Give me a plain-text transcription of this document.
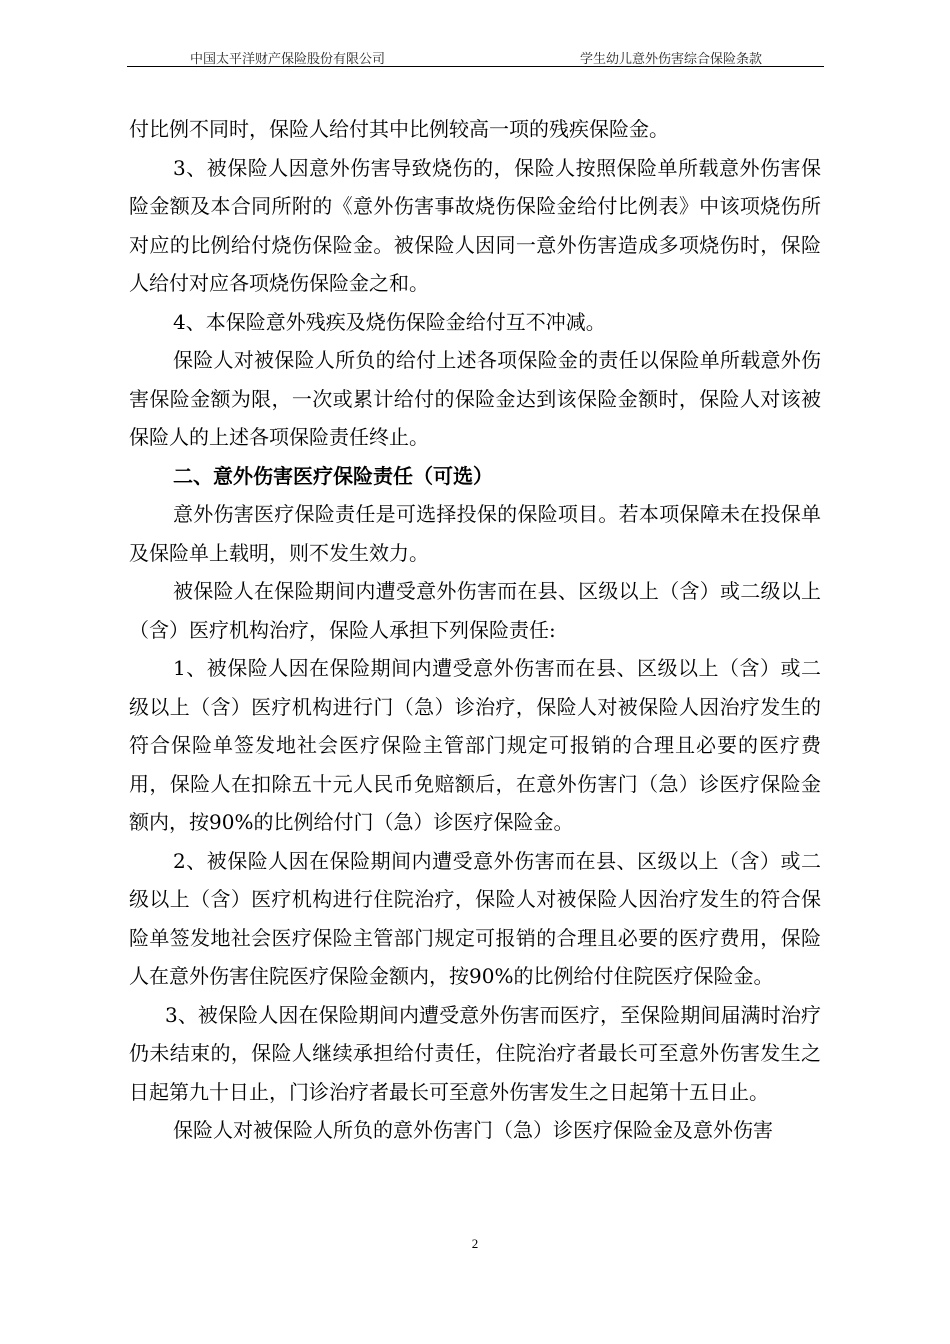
中国太平洋财产保险股份有限公司	学生幼儿意外伤害综合保险条款

付比例不同时，保险人给付其中比例较高一项的残疾保险金。

3、被保险人因意外伤害导致烧伤的，保险人按照保险单所载意外伤害保险金额及本合同所附的《意外伤害事故烧伤保险金给付比例表》中该项烧伤所对应的比例给付烧伤保险金。被保险人因同一意外伤害造成多项烧伤时，保险人给付对应各项烧伤保险金之和。

4、本保险意外残疾及烧伤保险金给付互不冲减。

保险人对被保险人所负的给付上述各项保险金的责任以保险单所载意外伤害保险金额为限，一次或累计给付的保险金达到该保险金额时，保险人对该被保险人的上述各项保险责任终止。

二、意外伤害医疗保险责任（可选）

意外伤害医疗保险责任是可选择投保的保险项目。若本项保障未在投保单及保险单上载明，则不发生效力。

被保险人在保险期间内遭受意外伤害而在县、区级以上（含）或二级以上（含）医疗机构治疗，保险人承担下列保险责任:

1、被保险人因在保险期间内遭受意外伤害而在县、区级以上（含）或二级以上（含）医疗机构进行门（急）诊治疗，保险人对被保险人因治疗发生的符合保险单签发地社会医疗保险主管部门规定可报销的合理且必要的医疗费用，保险人在扣除五十元人民币免赔额后，在意外伤害门（急）诊医疗保险金额内，按90%的比例给付门（急）诊医疗保险金。

2、被保险人因在保险期间内遭受意外伤害而在县、区级以上（含）或二级以上（含）医疗机构进行住院治疗，保险人对被保险人因治疗发生的符合保险单签发地社会医疗保险主管部门规定可报销的合理且必要的医疗费用，保险人在意外伤害住院医疗保险金额内，按90%的比例给付住院医疗保险金。

3、被保险人因在保险期间内遭受意外伤害而医疗，至保险期间届满时治疗仍未结束的，保险人继续承担给付责任，住院治疗者最长可至意外伤害发生之日起第九十日止，门诊治疗者最长可至意外伤害发生之日起第十五日止。

保险人对被保险人所负的意外伤害门（急）诊医疗保险金及意外伤害

2
